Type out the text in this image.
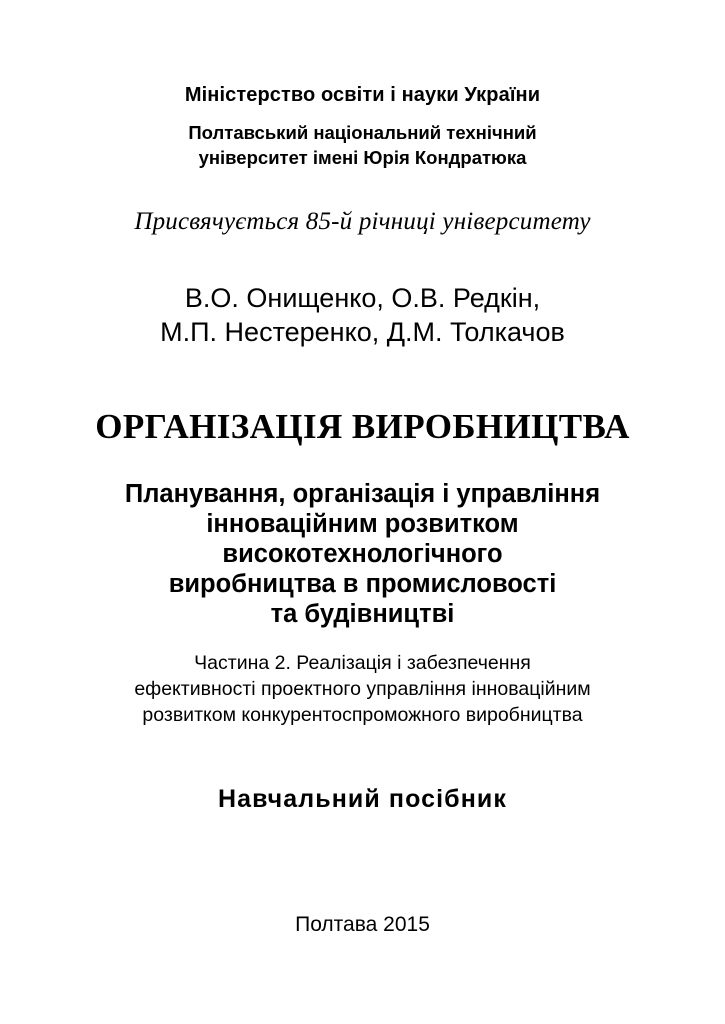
Міністерство освіти і науки України
Полтавський національний технічний
університет імені Юрія Кондратюка
Присвячується 85-й річниці університету
В.О. Онищенко, О.В. Редкін,
М.П. Нестеренко, Д.М. Толкачов
ОРГАНІЗАЦІЯ ВИРОБНИЦТВА
Планування, організація і управління
інноваційним розвитком
високотехнологічного
виробництва в промисловості
та будівництві
Частина 2. Реалізація і забезпечення
ефективності проектного управління інноваційним
розвитком конкурентоспроможного виробництва
Навчальний посібник
Полтава 2015
